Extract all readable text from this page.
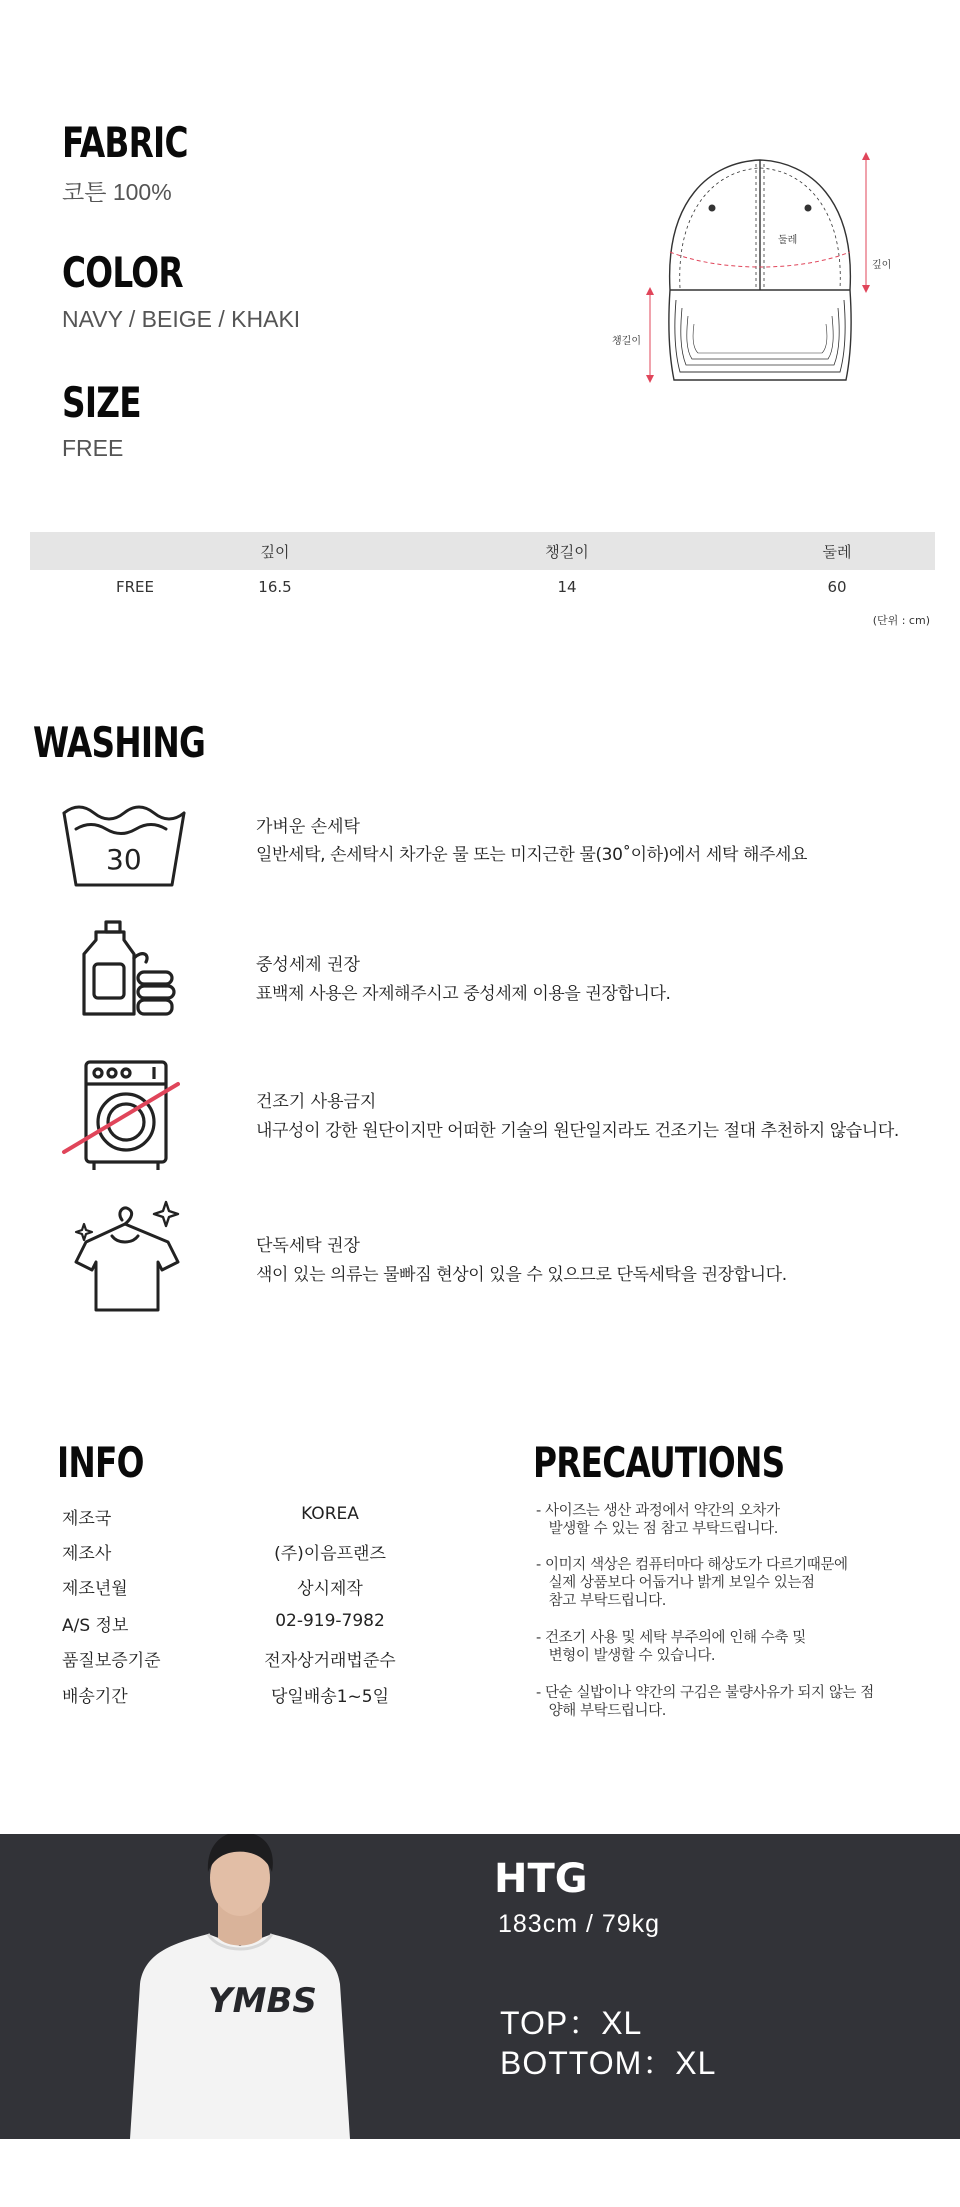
FABRIC
코튼 100%
COLOR
NAVY / BEIGE / KHAKI
SIZE
FREE
둘레
깊이
챙길이
깊이	챙길이	둘레
FREE	16.5	14	60
(단위 : cm)
WASHING
30
가벼운 손세탁
일반세탁, 손세탁시 차가운 물 또는 미지근한 물(30˚이하)에서 세탁 해주세요
중성세제 권장
표백제 사용은 자제해주시고 중성세제 이용을 권장합니다.
건조기 사용금지
내구성이 강한 원단이지만 어떠한 기술의 원단일지라도 건조기는 절대 추천하지 않습니다.
단독세탁 권장
색이 있는 의류는 물빠짐 현상이 있을 수 있으므로 단독세탁을 권장합니다.
INFO
제조국	KOREA
제조사	(주)이음프랜즈
제조년월	상시제작
A/S 정보	02-919-7982
품질보증기준	전자상거래법준수
배송기간	당일배송1~5일
PRECAUTIONS
- 사이즈는 생산 과정에서 약간의 오차가
발생할 수 있는 점 참고 부탁드립니다.
- 이미지 색상은 컴퓨터마다 해상도가 다르기때문에
실제 상품보다 어둡거나 밝게 보일수 있는점
참고 부탁드립니다.
- 건조기 사용 및 세탁 부주의에 인해 수축 및
변형이 발생할 수 있습니다.
- 단순 실밥이나 약간의 구김은 불량사유가 되지 않는 점
양해 부탁드립니다.
YMBS
HTG
183cm / 79kg
TOP：XL
BOTTOM：XL
